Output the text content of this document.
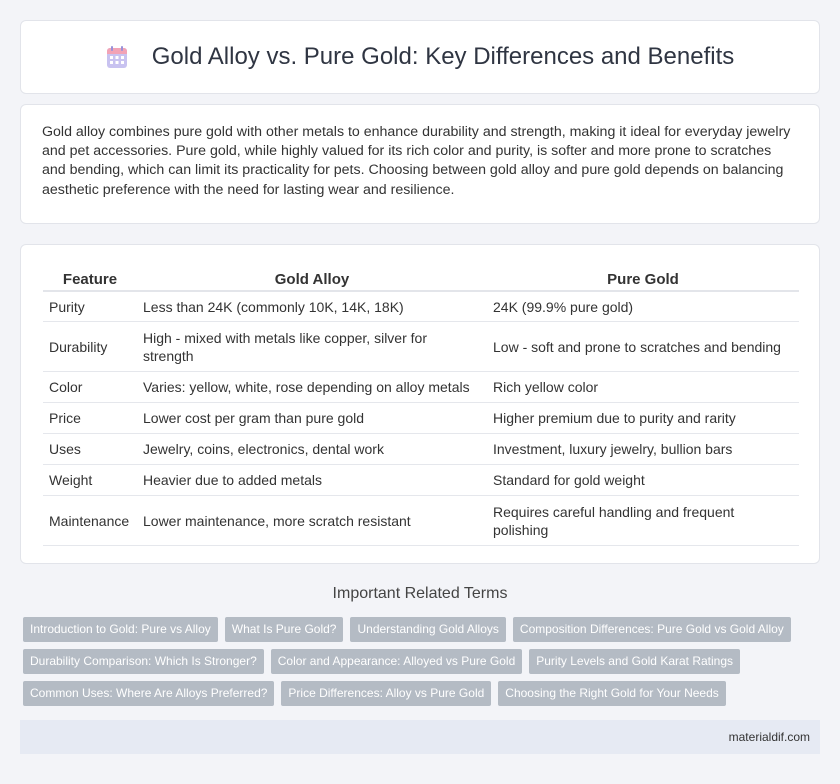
Gold Alloy vs. Pure Gold: Key Differences and Benefits

Gold alloy combines pure gold with other metals to enhance durability and strength, making it ideal for everyday jewelry and pet accessories. Pure gold, while highly valued for its rich color and purity, is softer and more prone to scratches and bending, which can limit its practicality for pets. Choosing between gold alloy and pure gold depends on balancing aesthetic preference with the need for lasting wear and resilience.

Feature	Gold Alloy	Pure Gold
Purity	Less than 24K (commonly 10K, 14K, 18K)	24K (99.9% pure gold)
Durability	High - mixed with metals like copper, silver for strength	Low - soft and prone to scratches and bending
Color	Varies: yellow, white, rose depending on alloy metals	Rich yellow color
Price	Lower cost per gram than pure gold	Higher premium due to purity and rarity
Uses	Jewelry, coins, electronics, dental work	Investment, luxury jewelry, bullion bars
Weight	Heavier due to added metals	Standard for gold weight
Maintenance	Lower maintenance, more scratch resistant	Requires careful handling and frequent polishing
Important Related Terms
Introduction to Gold: Pure vs Alloy	What Is Pure Gold?	Understanding Gold Alloys	Composition Differences: Pure Gold vs Gold Alloy
Durability Comparison: Which Is Stronger?	Color and Appearance: Alloyed vs Pure Gold	Purity Levels and Gold Karat Ratings
Common Uses: Where Are Alloys Preferred?	Price Differences: Alloy vs Pure Gold	Choosing the Right Gold for Your Needs
materialdif.com
